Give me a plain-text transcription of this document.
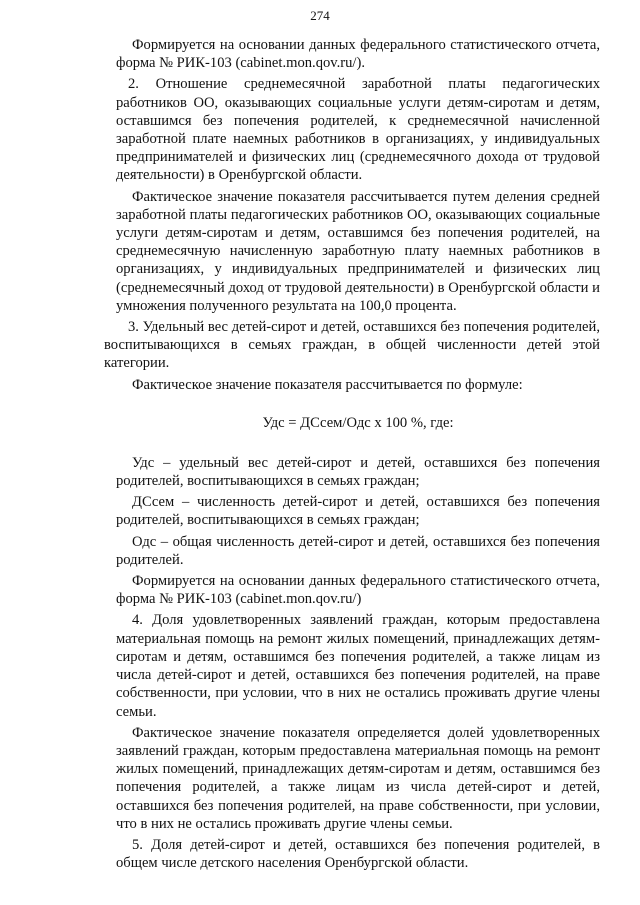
274

Формируется на основании данных федерального статистического отчета, форма № РИК-103 (cabinet.mon.qov.ru/).

2. Отношение среднемесячной заработной платы педагогических работников ОО, оказывающих социальные услуги детям-сиротам и детям, оставшимся без попечения родителей, к среднемесячной начисленной заработной плате наемных работников в организациях, у индивидуальных предпринимателей и физических лиц (среднемесячного дохода от трудовой деятельности) в Оренбургской области.

Фактическое значение показателя рассчитывается путем деления средней заработной платы педагогических работников ОО, оказывающих социальные услуги детям-сиротам и детям, оставшимся без попечения родителей, на среднемесячную начисленную заработную плату наемных работников в организациях, у индивидуальных предпринимателей и физических лиц (среднемесячный доход от трудовой деятельности) в Оренбургской области и умножения полученного результата на 100,0 процента.

3. Удельный вес детей-сирот и детей, оставшихся без попечения родителей, воспитывающихся в семьях граждан, в общей численности детей этой категории.

Фактическое значение показателя рассчитывается по формуле:

Удс = ДСсем/Одс х 100 %, где:

Удс – удельный вес детей-сирот и детей, оставшихся без попечения родителей, воспитывающихся в семьях граждан;

ДСсем – численность детей-сирот и детей, оставшихся без попечения родителей, воспитывающихся в семьях граждан;

Одс – общая численность детей-сирот и детей, оставшихся без попечения родителей.

Формируется на основании данных федерального статистического отчета, форма № РИК-103 (cabinet.mon.qov.ru/)

4. Доля удовлетворенных заявлений граждан, которым предоставлена материальная помощь на ремонт жилых помещений, принадлежащих детям-сиротам и детям, оставшимся без попечения родителей, а также лицам из числа детей-сирот и детей, оставшихся без попечения родителей, на праве собственности, при условии, что в них не остались проживать другие члены семьи.

Фактическое значение показателя определяется долей удовлетворенных заявлений граждан, которым предоставлена материальная помощь на ремонт жилых помещений, принадлежащих детям-сиротам и детям, оставшимся без попечения родителей, а также лицам из числа детей-сирот и детей, оставшихся без попечения родителей, на праве собственности, при условии, что в них не остались проживать другие члены семьи.

5. Доля детей-сирот и детей, оставшихся без попечения родителей, в общем числе детского населения Оренбургской области.
